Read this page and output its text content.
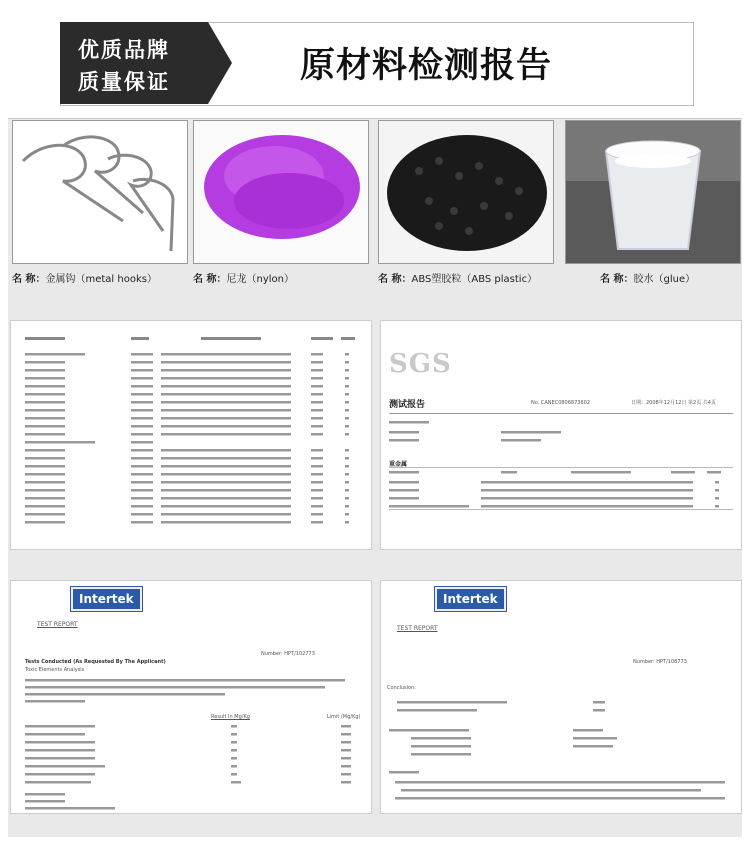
优质品牌
质量保证	原材料检测报告
名 称：金属钩（metal hooks）	名 称：尼龙（nylon）	名 称：ABS塑胶粒（ABS plastic）	名 称：胶水（glue）
SGS
测试报告	No. CANEC0806873602	日期：2008年12月12日 第2页 共4页
重金属
Intertek
TEST REPORT
Number: HPT/102773
Tests Conducted (As Requested By The Applicant)
Toxic Elements Analysis
Result In Mg/Kg	Limit (Mg/Kg)
Intertek
TEST REPORT
Number: HPT/108773
Conclusion:
